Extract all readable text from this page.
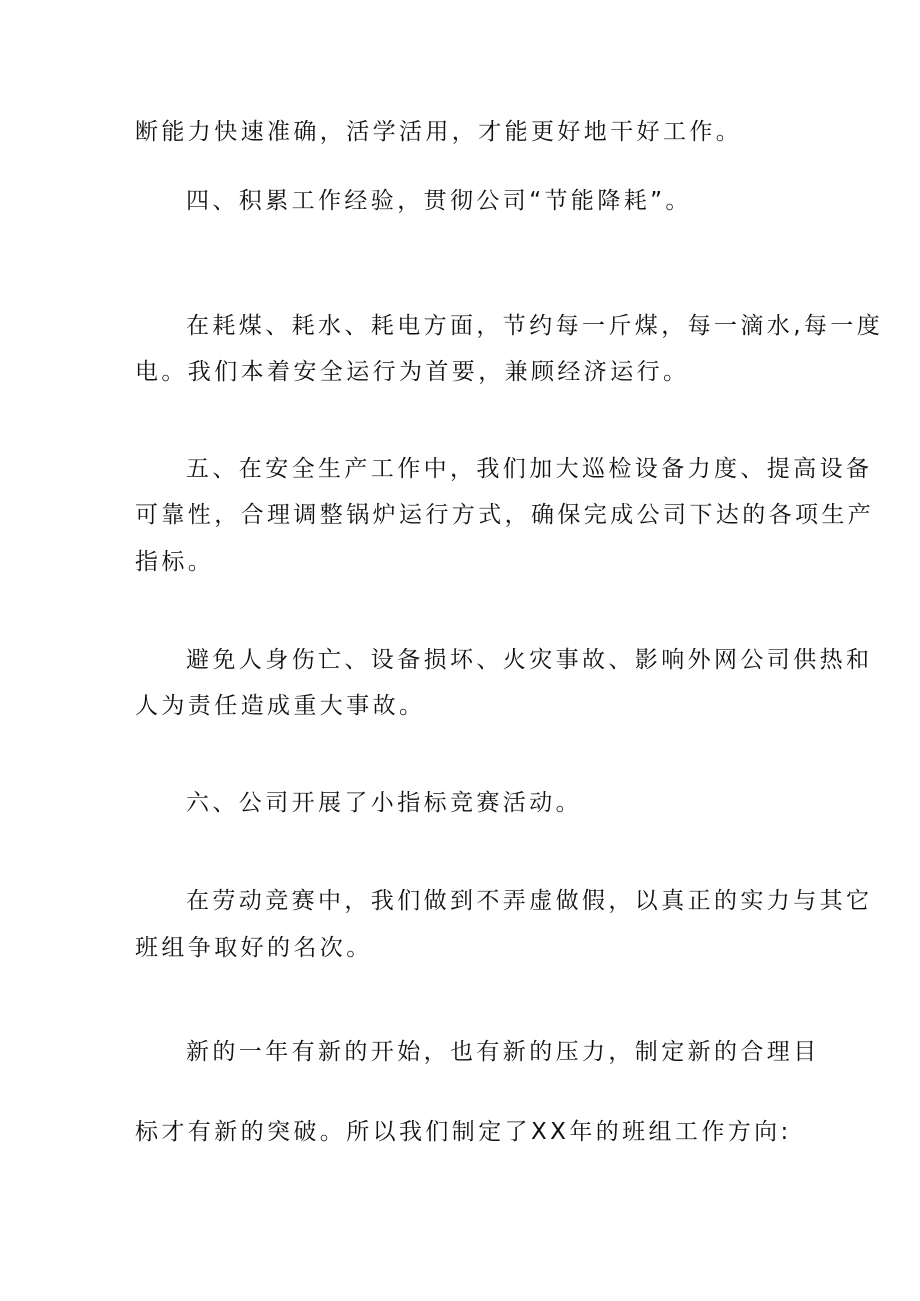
断能力快速准确，活学活用，才能更好地干好工作。
四、积累工作经验，贯彻公司“节能降耗”。
在耗煤、耗水、耗电方面，节约每一斤煤，每一滴水,每一度
电。我们本着安全运行为首要，兼顾经济运行。
五、在安全生产工作中，我们加大巡检设备力度、提高设备
可靠性，合理调整锅炉运行方式，确保完成公司下达的各项生产
指标。
避免人身伤亡、设备损坏、火灾事故、影响外网公司供热和
人为责任造成重大事故。
六、公司开展了小指标竞赛活动。
在劳动竞赛中，我们做到不弄虚做假，以真正的实力与其它
班组争取好的名次。
新的一年有新的开始，也有新的压力，制定新的合理目
标才有新的突破。所以我们制定了XX年的班组工作方向:
